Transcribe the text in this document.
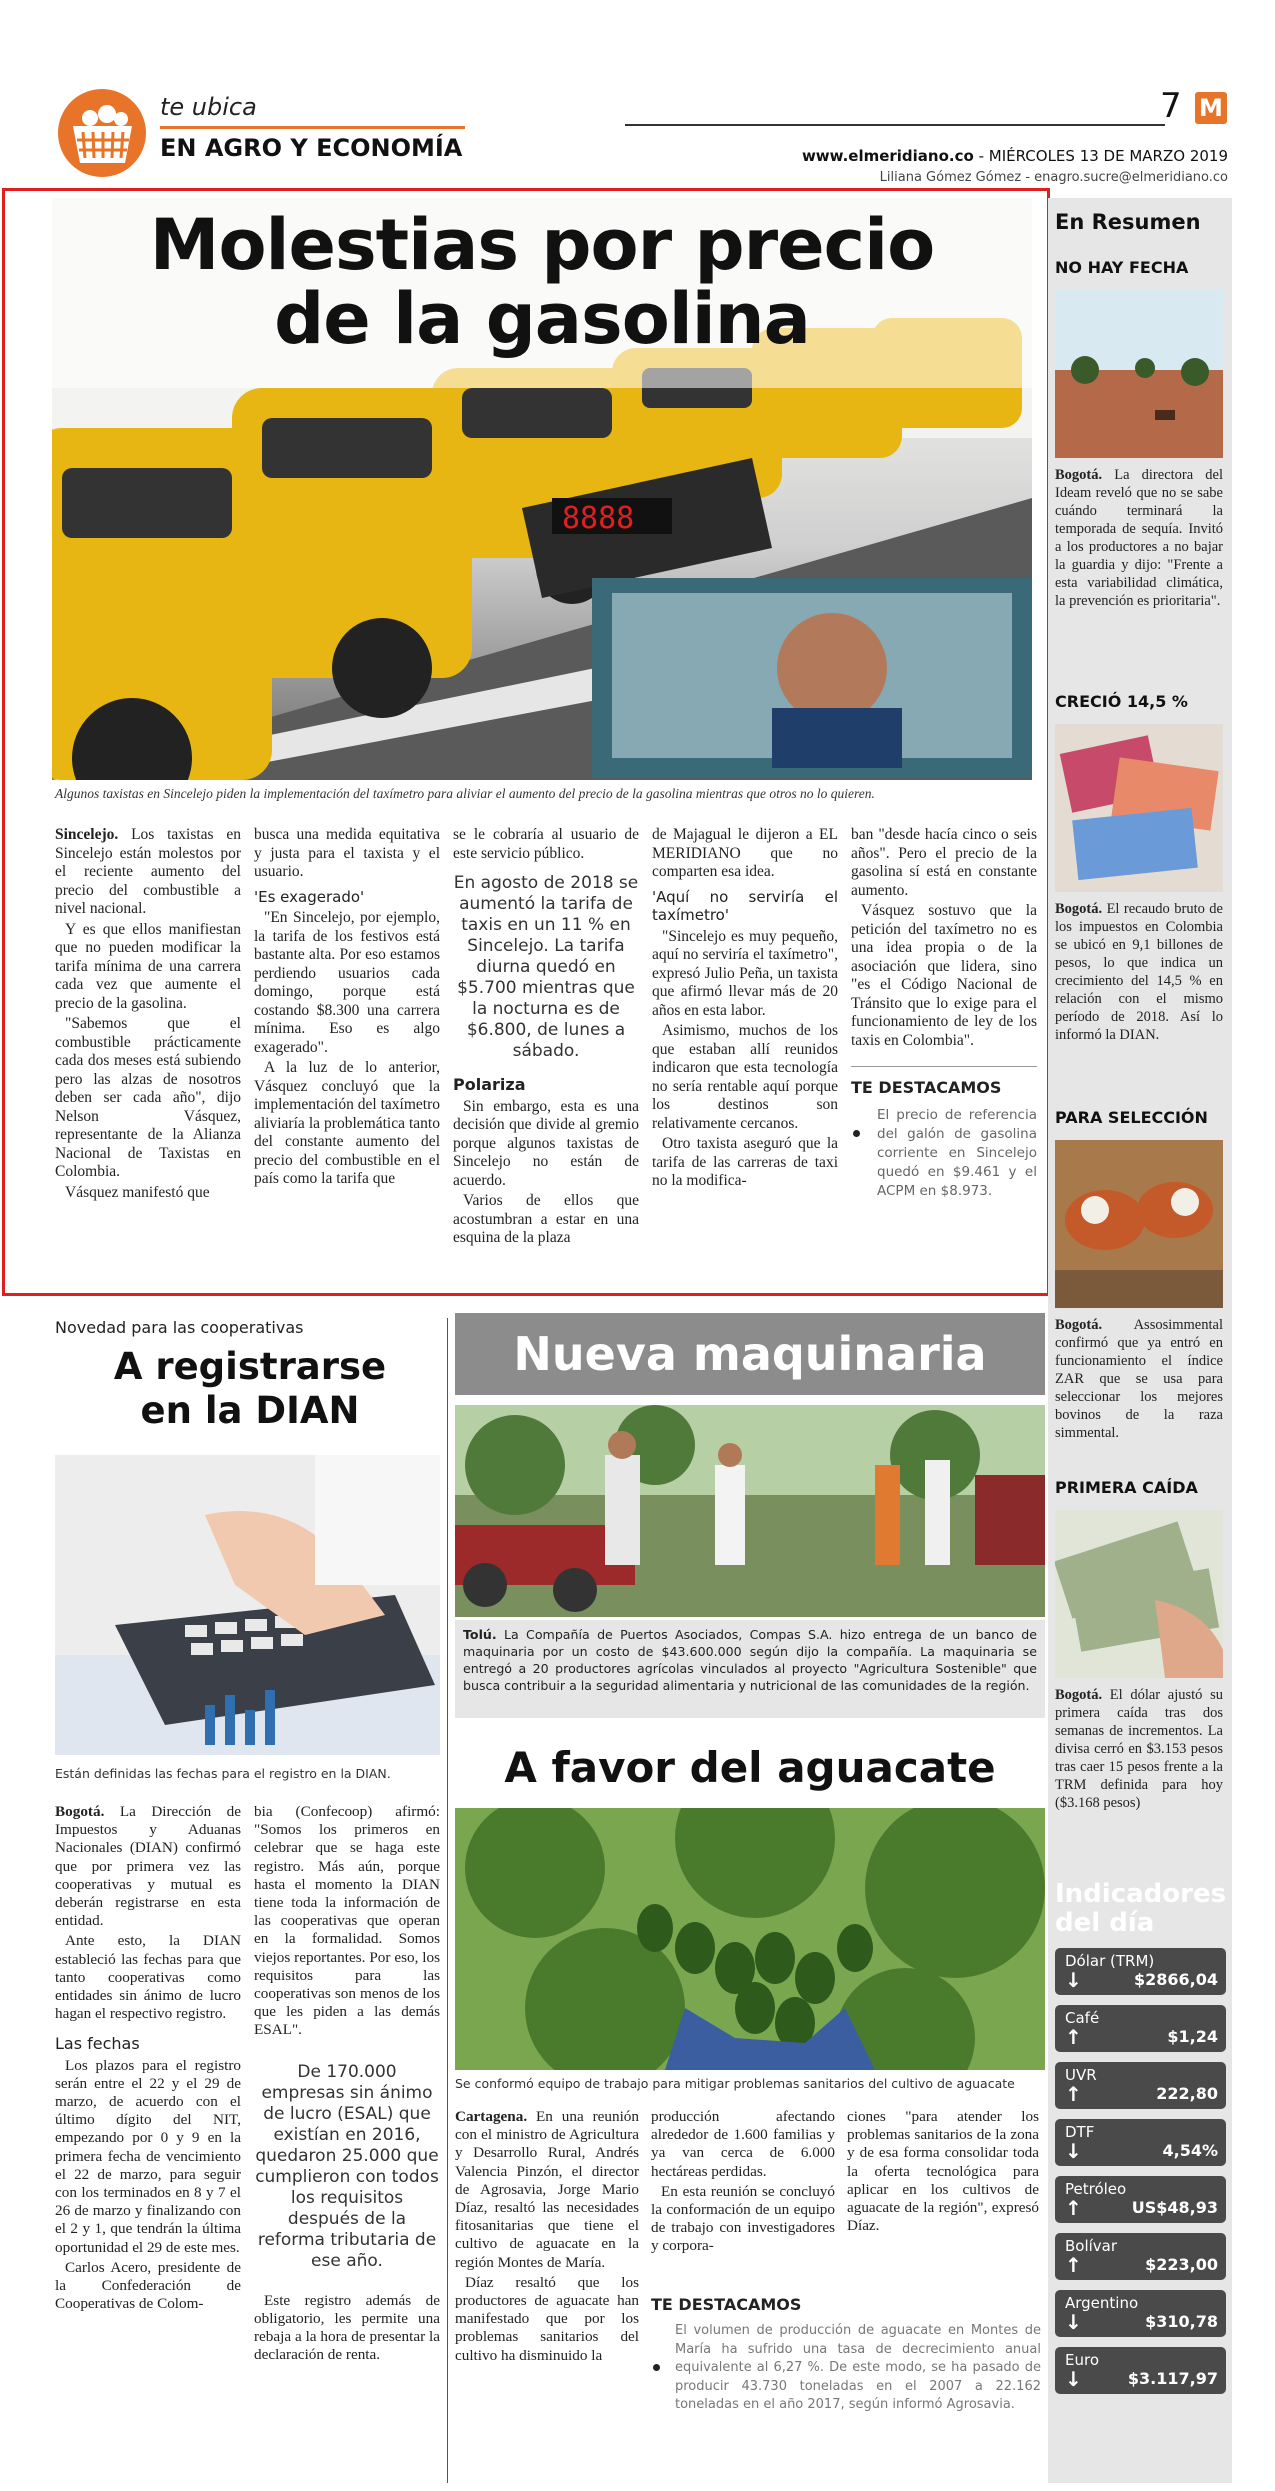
te ubica
EN AGRO Y ECONOMÍA
7 M
www.elmeridiano.co - MIÉRCOLES 13 DE MARZO 2019
Liliana Gómez Gómez - enagro.sucre@elmeridiano.co
8888
Molestias por precio
de la gasolina
Algunos taxistas en Sincelejo piden la implementación del taxímetro para aliviar el aumento del precio de la gasolina mientras que otros no lo quieren.

Sincelejo. Los taxistas en Sincelejo están molestos por el reciente aumento del precio del combustible a nivel nacional.

Y es que ellos manifiestan que no pueden modificar la tarifa mínima de una carrera cada vez que aumente el precio de la gasolina.

"Sabemos que el combustible prácticamente cada dos meses está subiendo pero las alzas de nosotros deben ser cada año", dijo Nelson Vásquez, representante de la Alianza Nacional de Taxistas en Colombia.

Vásquez manifestó que

busca una medida equitativa y justa para el taxista y el usuario.

'Es exagerado'

"En Sincelejo, por ejemplo, la tarifa de los festivos está bastante alta. Por eso estamos perdiendo usuarios cada domingo, porque está costando $8.300 una carrera mínima. Eso es algo exagerado".

A la luz de lo anterior, Vásquez concluyó que la implementación del taxímetro aliviaría la problemática tanto del constante aumento del precio del combustible en el país como la tarifa que

se le cobraría al usuario de este servicio público.

En agosto de 2018 se aumentó la tarifa de taxis en un 11 % en Sincelejo. La tarifa diurna quedó en $5.700 mientras que la nocturna es de $6.800, de lunes a sábado.
Polariza

Sin embargo, esta es una decisión que divide al gremio porque algunos taxistas de Sincelejo no están de acuerdo.

Varios de ellos que acostumbran a estar en una esquina de la plaza

de Majagual le dijeron a EL MERIDIANO que no comparten esa idea.

'Aquí no serviría el taxímetro'

"Sincelejo es muy pequeño, aquí no serviría el taxímetro", expresó Julio Peña, un taxista que afirmó llevar más de 20 años en esta labor.

Asimismo, muchos de los que estaban allí reunidos indicaron que esta tecnología no sería rentable aquí porque los destinos son relativamente cercanos.

Otro taxista aseguró que la tarifa de las carreras de taxi no la modifica-

ban "desde hacía cinco o seis años". Pero el precio de la gasolina sí está en constante aumento.

Vásquez sostuvo que la petición del taxímetro no es una idea propia o de la asociación que lidera, sino "es el Código Nacional de Tránsito que lo exige para el funcionamiento de ley de los taxis en Colombia".

TE DESTACAMOS
El precio de referencia del galón de gasolina corriente en Sincelejo quedó en $9.461 y el ACPM en $8.973.
Novedad para las cooperativas
A registrarse
en la DIAN
Están definidas las fechas para el registro en la DIAN.

Bogotá. La Dirección de Impuestos y Aduanas Nacionales (DIAN) confirmó que por primera vez las cooperativas y mutual es deberán registrarse en esta entidad.

Ante esto, la DIAN estableció las fechas para que tanto cooperativas como entidades sin ánimo de lucro hagan el respectivo registro.

Las fechas

Los plazos para el registro serán entre el 22 y el 29 de marzo, de acuerdo con el último dígito del NIT, empezando por 0 y 9 en la primera fecha de vencimiento el 22 de marzo, para seguir con los terminados en 8 y 7 el 26 de marzo y finalizando con el 2 y 1, que tendrán la última oportunidad el 29 de este mes.

Carlos Acero, presidente de la Confederación de Cooperativas de Colom-

bia (Confecoop) afirmó: "Somos los primeros en celebrar que se haga este registro. Más aún, porque hasta el momento la DIAN tiene toda la información de las cooperativas que operan en la formalidad. Somos viejos reportantes. Por eso, los requisitos para las cooperativas son menos de los que les piden a las demás ESAL".

De 170.000 empresas sin ánimo de lucro (ESAL) que existían en 2016, quedaron 25.000 que cumplieron con todos los requisitos después de la reforma tributaria de ese año.

Este registro además de obligatorio, les permite una rebaja a la hora de presentar la declaración de renta.

Nueva maquinaria
Tolú. La Compañía de Puertos Asociados, Compas S.A. hizo entrega de un banco de maquinaria por un costo de $43.600.000 según dijo la compañía. La maquinaria se entregó a 20 productores agrícolas vinculados al proyecto "Agricultura Sostenible" que busca contribuir a la seguridad alimentaria y nutricional de las comunidades de la región.
A favor del aguacate
Se conformó equipo de trabajo para mitigar problemas sanitarios del cultivo de aguacate

Cartagena. En una reunión con el ministro de Agricultura y Desarrollo Rural, Andrés Valencia Pinzón, el director de Agrosavia, Jorge Mario Díaz, resaltó las necesidades fitosanitarias que tiene el cultivo de aguacate en la región Montes de María.

Díaz resaltó que los productores de aguacate han manifestado que por los problemas sanitarios del cultivo ha disminuido la

producción afectando alrededor de 1.600 familias y ya van cerca de 6.000 hectáreas perdidas.

En esta reunión se concluyó la conformación de un equipo de trabajo con investigadores y corpora-

ciones "para atender los problemas sanitarios de la zona y de esa forma consolidar toda la oferta tecnológica para aplicar en los cultivos de aguacate de la región", expresó Díaz.

TE DESTACAMOS
El volumen de producción de aguacate en Montes de María ha sufrido una tasa de decrecimiento anual equivalente al 6,27 %. De este modo, se ha pasado de producir 43.730 toneladas en el 2007 a 22.162 toneladas en el año 2017, según informó Agrosavia.
En Resumen
NO HAY FECHA
Bogotá. La directora del Ideam reveló que no se sabe cuándo terminará la temporada de sequía. Invitó a los productores a no bajar la guardia y dijo: "Frente a esta variabilidad climática, la prevención es prioritaria".
CRECIÓ 14,5 %
Bogotá. El recaudo bruto de los impuestos en Colombia se ubicó en 9,1 billones de pesos, lo que indica un crecimiento del 14,5 % en relación con el mismo período de 2018. Así lo informó la DIAN.
PARA SELECCIÓN
Bogotá. Assosimmental confirmó que ya entró en funcionamiento el índice ZAR que se usa para seleccionar los mejores bovinos de la raza simmental.
PRIMERA CAÍDA
Bogotá. El dólar ajustó su primera caída tras dos semanas de incrementos. La divisa cerró en $3.153 pesos tras caer 15 pesos frente a la TRM definida para hoy ($3.168 pesos)
Indicadores
del día
Dólar (TRM)
↓	$2866,04
Café
↑	$1,24
UVR
↑	222,80
DTF
↓	4,54%
Petróleo
↑	US$48,93
Bolívar
↑	$223,00
Argentino
↓	$310,78
Euro
↓	$3.117,97
